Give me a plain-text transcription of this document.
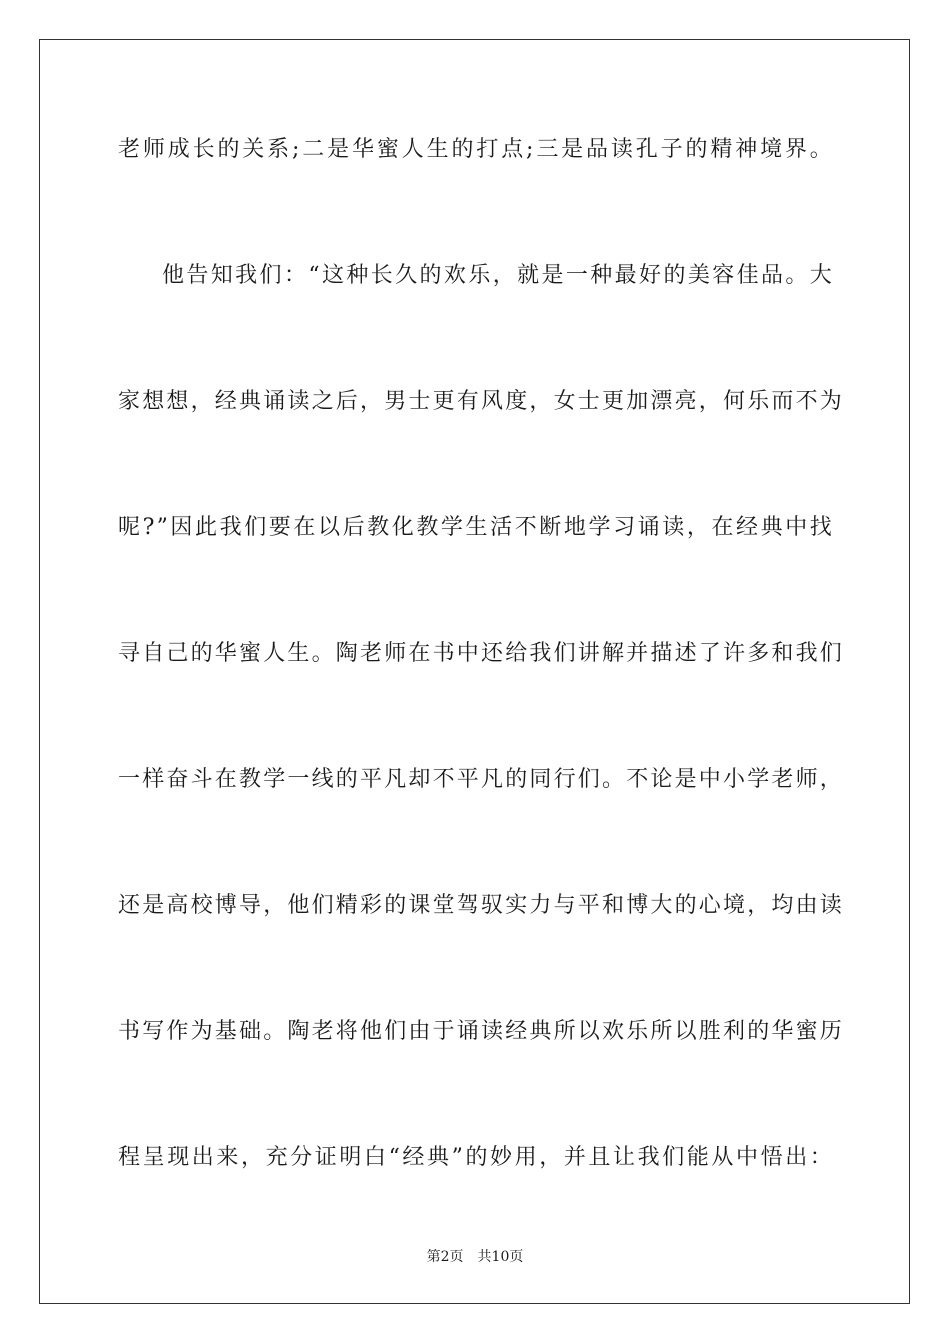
老师成长的关系;二是华蜜人生的打点;三是品读孔子的精神境界。
他告知我们：“这种长久的欢乐，就是一种最好的美容佳品。大
家想想，经典诵读之后，男士更有风度，女士更加漂亮，何乐而不为
呢?”因此我们要在以后教化教学生活不断地学习诵读，在经典中找
寻自己的华蜜人生。陶老师在书中还给我们讲解并描述了许多和我们
一样奋斗在教学一线的平凡却不平凡的同行们。不论是中小学老师，
还是高校博导，他们精彩的课堂驾驭实力与平和博大的心境，均由读
书写作为基础。陶老将他们由于诵读经典所以欢乐所以胜利的华蜜历
程呈现出来，充分证明白“经典”的妙用，并且让我们能从中悟出：
第2页 共10页
